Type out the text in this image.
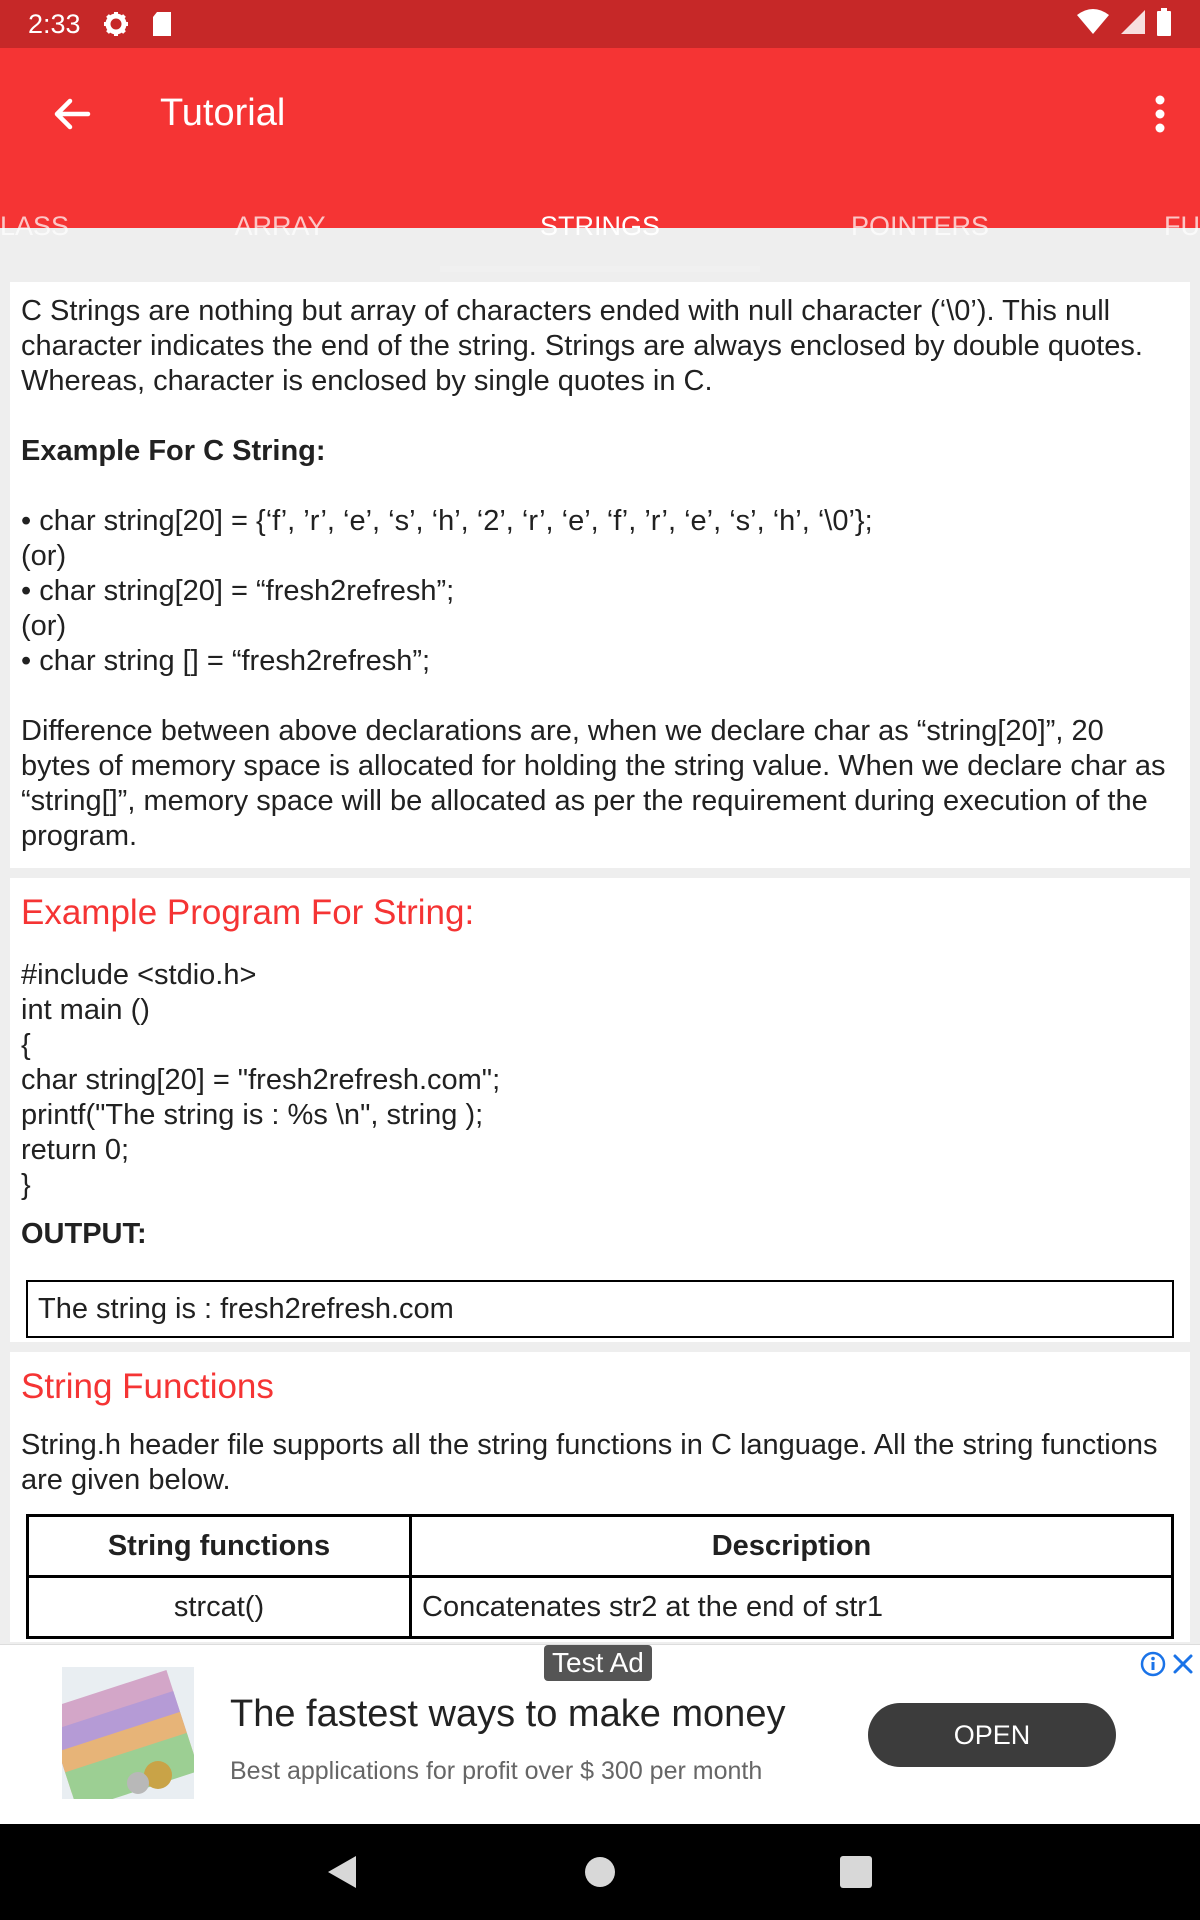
2:33
Tutorial
LASS	ARRAY	STRINGS	POINTERS	FU

C Strings are nothing but array of characters ended with null character (‘\0’). This null character indicates the end of the string. Strings are always enclosed by double quotes. Whereas, character is enclosed by single quotes in C.

Example For C String:

• char string[20] = {‘f’, ’r’, ‘e’, ‘s’, ‘h’, ‘2’, ‘r’, ‘e’, ‘f’, ’r’, ‘e’, ‘s’, ‘h’, ‘\0’};

(or)

• char string[20] = “fresh2refresh”;

(or)

• char string [] = “fresh2refresh”;

Difference between above declarations are, when we declare char as “string[20]”, 20 bytes of memory space is allocated for holding the string value. When we declare char as “string[]”, memory space will be allocated as per the requirement during execution of the program.

Example Program For String:
#include <stdio.h>
int main ()
{
char string[20] = "fresh2refresh.com";
printf("The string is : %s \n", string );
return 0;
}
OUTPUT:
The string is : fresh2refresh.com
String Functions

String.h header file supports all the string functions in C language. All the string functions are given below.

String functions	Description
strcat()	Concatenates str2 at the end of str1
Test Ad
The fastest ways to make money
Best applications for profit over $ 300 per month
OPEN
